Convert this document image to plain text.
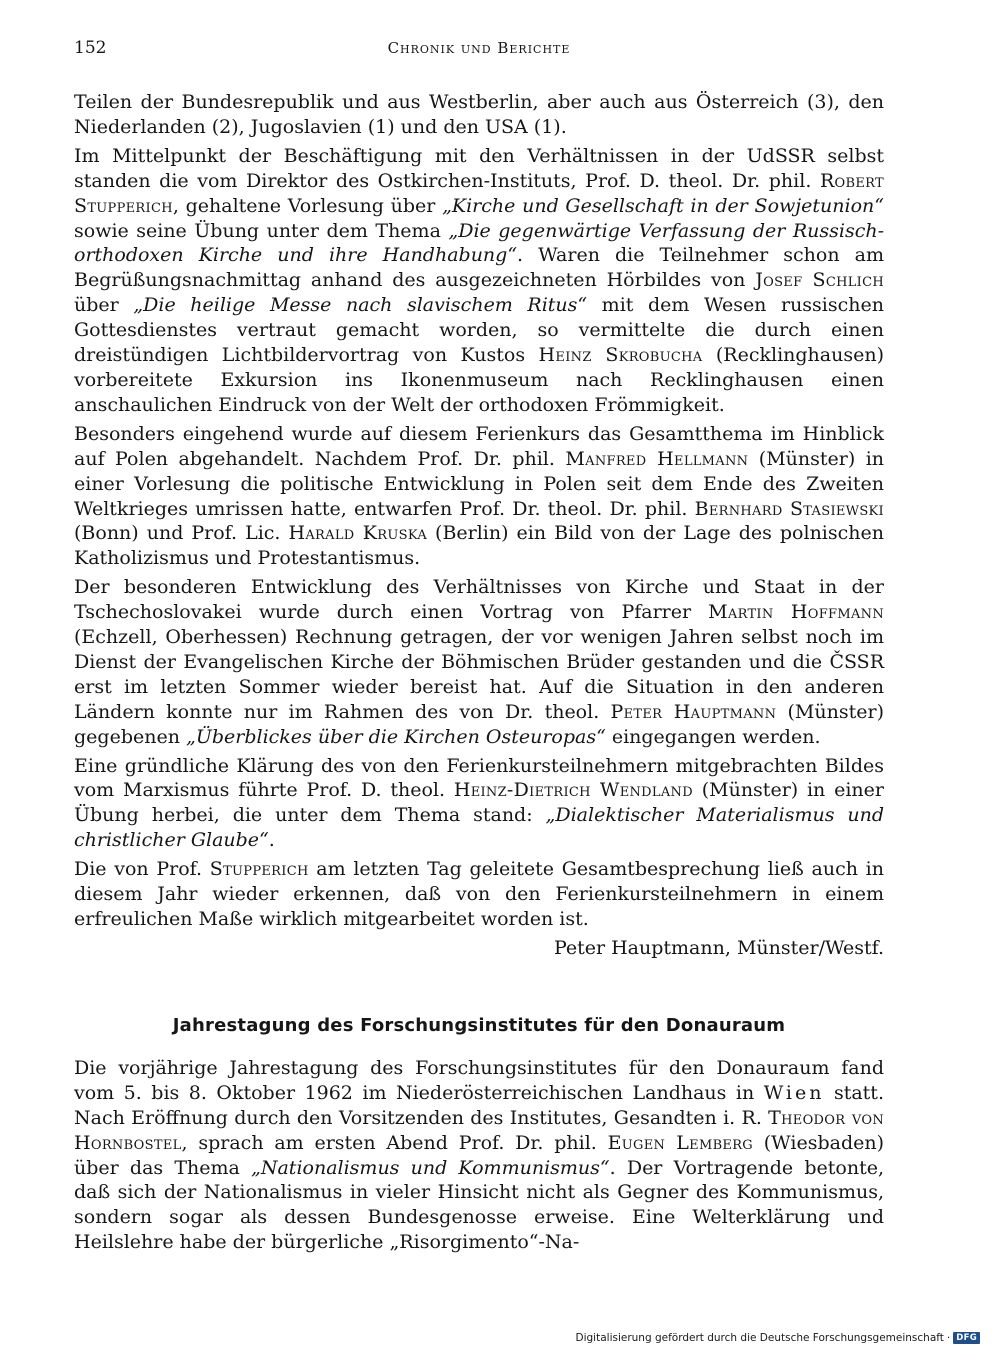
152	Chronik und Berichte

Teilen der Bundesrepublik und aus Westberlin, aber auch aus Österreich (3), den Niederlanden (2), Jugoslavien (1) und den USA (1).

Im Mittelpunkt der Beschäftigung mit den Verhältnissen in der UdSSR selbst standen die vom Direktor des Ostkirchen-Instituts, Prof. D. theol. Dr. phil. Robert Stupperich, gehaltene Vorlesung über „Kirche und Gesellschaft in der Sowjetunion“ sowie seine Übung unter dem Thema „Die gegenwärtige Verfassung der Russisch-orthodoxen Kirche und ihre Handhabung“. Waren die Teilnehmer schon am Begrüßungsnachmittag anhand des ausgezeichneten Hörbildes von Josef Schlich über „Die heilige Messe nach slavischem Ritus“ mit dem Wesen russischen Gottesdienstes vertraut gemacht worden, so vermittelte die durch einen dreistündigen Lichtbildervortrag von Kustos Heinz Skrobucha (Recklinghausen) vorbereitete Exkursion ins Ikonenmuseum nach Recklinghausen einen anschaulichen Eindruck von der Welt der orthodoxen Frömmigkeit.

Besonders eingehend wurde auf diesem Ferienkurs das Gesamtthema im Hinblick auf Polen abgehandelt. Nachdem Prof. Dr. phil. Manfred Hellmann (Münster) in einer Vorlesung die politische Entwicklung in Polen seit dem Ende des Zweiten Weltkrieges umrissen hatte, entwarfen Prof. Dr. theol. Dr. phil. Bernhard Stasiewski (Bonn) und Prof. Lic. Harald Kruska (Berlin) ein Bild von der Lage des polnischen Katholizismus und Protestantismus.

Der besonderen Entwicklung des Verhältnisses von Kirche und Staat in der Tschechoslovakei wurde durch einen Vortrag von Pfarrer Martin Hoffmann (Echzell, Oberhessen) Rechnung getragen, der vor wenigen Jahren selbst noch im Dienst der Evangelischen Kirche der Böhmischen Brüder gestanden und die ČSSR erst im letzten Sommer wieder bereist hat. Auf die Situation in den anderen Ländern konnte nur im Rahmen des von Dr. theol. Peter Hauptmann (Münster) gegebenen „Überblickes über die Kirchen Osteuropas“ eingegangen werden.

Eine gründliche Klärung des von den Ferienkursteilnehmern mitgebrachten Bildes vom Marxismus führte Prof. D. theol. Heinz-Dietrich Wendland (Münster) in einer Übung herbei, die unter dem Thema stand: „Dialektischer Materialismus und christlicher Glaube“.

Die von Prof. Stupperich am letzten Tag geleitete Gesamtbesprechung ließ auch in diesem Jahr wieder erkennen, daß von den Ferienkursteilnehmern in einem erfreulichen Maße wirklich mitgearbeitet worden ist.

Peter Hauptmann, Münster/Westf.

Jahrestagung des Forschungsinstitutes für den Donauraum

Die vorjährige Jahrestagung des Forschungsinstitutes für den Donauraum fand vom 5. bis 8. Oktober 1962 im Niederösterreichischen Landhaus in Wien statt. Nach Eröffnung durch den Vorsitzenden des Institutes, Gesandten i. R. Theodor von Hornbostel, sprach am ersten Abend Prof. Dr. phil. Eugen Lemberg (Wiesbaden) über das Thema „Nationalismus und Kommunismus“. Der Vortragende betonte, daß sich der Nationalismus in vieler Hinsicht nicht als Gegner des Kommunismus, sondern sogar als dessen Bundesgenosse erweise. Eine Welterklärung und Heilslehre habe der bürgerliche „Risorgimento“-Na-

Digitalisierung gefördert durch die Deutsche Forschungsgemeinschaft · DFG
